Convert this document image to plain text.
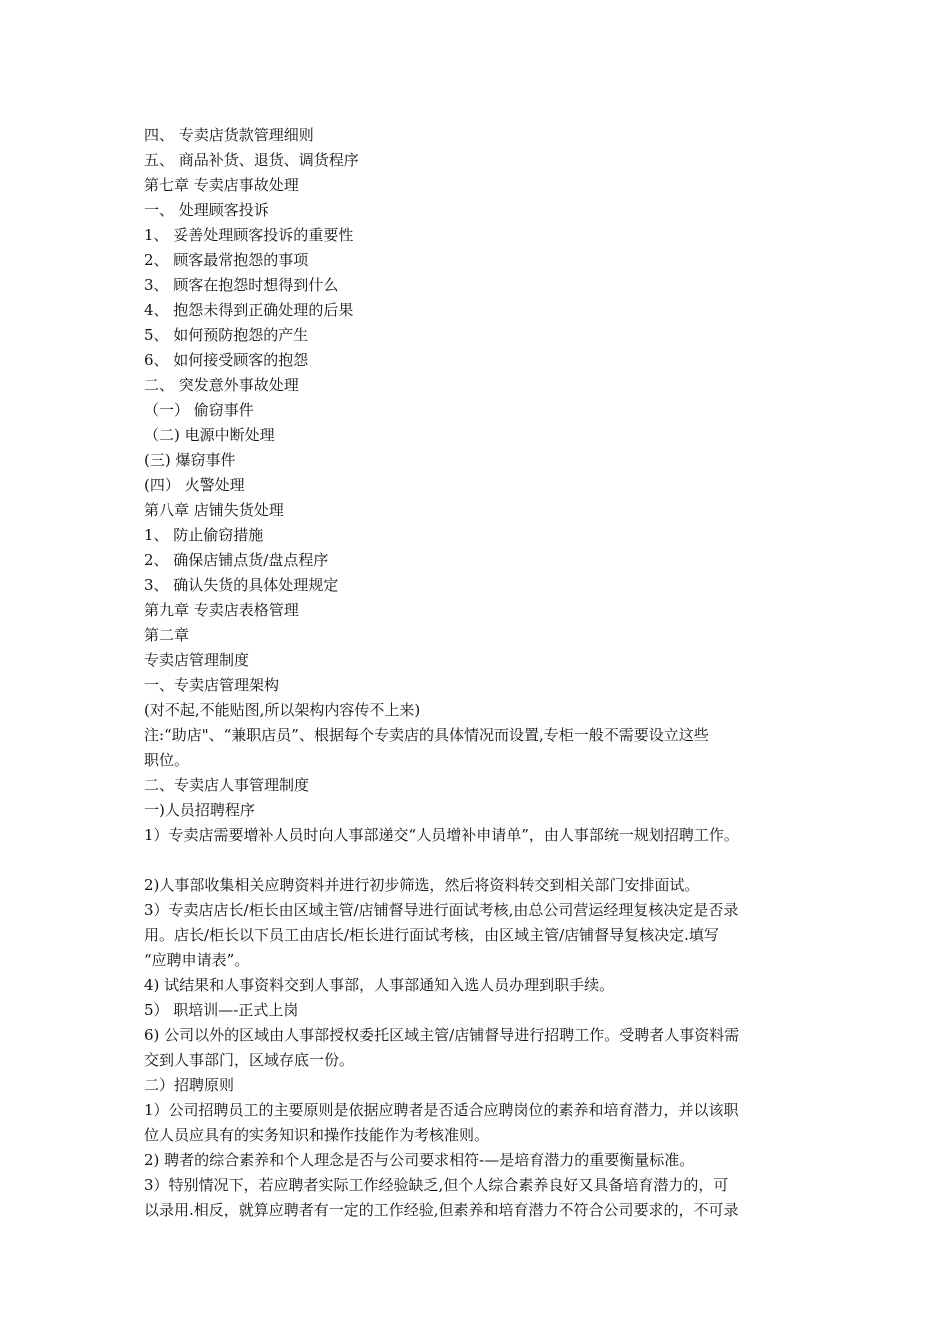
四、 专卖店货款管理细则
五、 商品补货、退货、调货程序
第七章 专卖店事故处理
一、 处理顾客投诉
1、 妥善处理顾客投诉的重要性
2、 顾客最常抱怨的事项
3、 顾客在抱怨时想得到什么
4、 抱怨未得到正确处理的后果
5、 如何预防抱怨的产生
6、 如何接受顾客的抱怨
二、 突发意外事故处理
（一） 偷窃事件
（二) 电源中断处理
(三) 爆窃事件
(四） 火警处理
第八章 店铺失货处理
1、 防止偷窃措施
2、 确保店铺点货/盘点程序
3、 确认失货的具体处理规定
第九章 专卖店表格管理
第二章
专卖店管理制度
一、专卖店管理架构
(对不起,不能贴图,所以架构内容传不上来)
注:“助店"、“兼职店员”、根据每个专卖店的具体情况而设置,专柜一般不需要设立这些
职位。
二、专卖店人事管理制度
一)人员招聘程序
1）专卖店需要增补人员时向人事部递交“人员增补申请单”，由人事部统一规划招聘工作。
2)人事部收集相关应聘资料并进行初步筛选，然后将资料转交到相关部门安排面试。
3）专卖店店长/柜长由区域主管/店铺督导进行面试考核,由总公司营运经理复核决定是否录
用。店长/柜长以下员工由店长/柜长进行面试考核，由区域主管/店铺督导复核决定.填写
“应聘申请表”。
4) 试结果和人事资料交到人事部，人事部通知入选人员办理到职手续。
5） 职培训—-正式上岗
6) 公司以外的区域由人事部授权委托区域主管/店铺督导进行招聘工作。受聘者人事资料需
交到人事部门，区域存底一份。
二）招聘原则
1）公司招聘员工的主要原则是依据应聘者是否适合应聘岗位的素养和培育潜力，并以该职
位人员应具有的实务知识和操作技能作为考核准则。
2) 聘者的综合素养和个人理念是否与公司要求相符-—是培育潜力的重要衡量标准。
3）特别情况下，若应聘者实际工作经验缺乏,但个人综合素养良好又具备培育潜力的，可
以录用.相反，就算应聘者有一定的工作经验,但素养和培育潜力不符合公司要求的，不可录
